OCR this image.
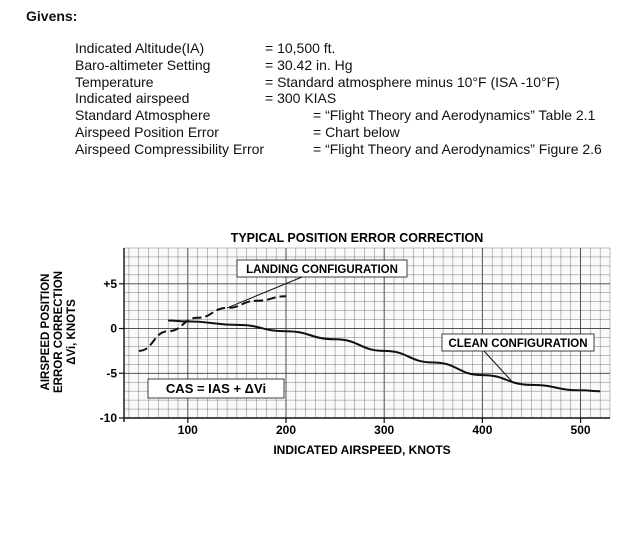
Givens:
Indicated Altitude(IA)	= 10,500 ft.
Baro-altimeter Setting	= 30.42 in. Hg
Temperature	= Standard atmosphere minus 10°F (ISA -10°F)
Indicated airspeed	= 300 KIAS
Standard Atmosphere	= “Flight Theory and Aerodynamics” Table 2.1
Airspeed Position Error	= Chart below
Airspeed Compressibility Error	= “Flight Theory and Aerodynamics” Figure 2.6
+5
0
-5
-10
100	200	300	400	500
TYPICAL POSITION ERROR CORRECTION
INDICATED AIRSPEED, KNOTS
AIRSPEED POSITION ERROR CORRECTION ΔVi, KNOTS
LANDING CONFIGURATION
CLEAN CONFIGURATION
CAS = IAS + ΔVi
